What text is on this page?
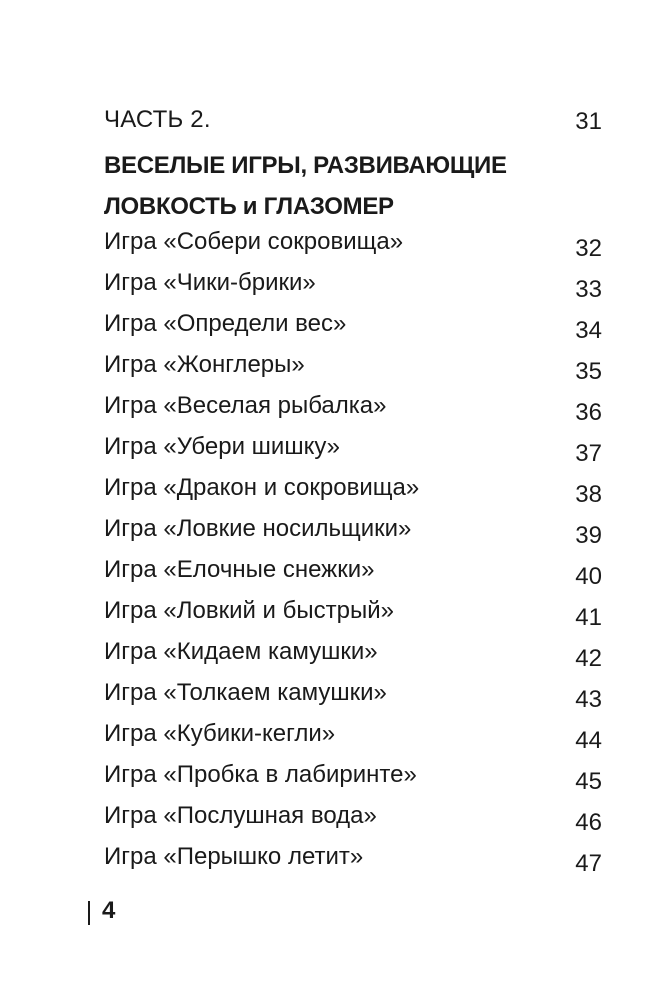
ЧАСТЬ 2.	31
ВЕСЕЛЫЕ ИГРЫ, РАЗВИВАЮЩИЕ ЛОВКОСТЬ и ГЛАЗОМЕР
Игра «Собери сокровища»	32
Игра «Чики-брики»	33
Игра «Определи вес»	34
Игра «Жонглеры»	35
Игра «Веселая рыбалка»	36
Игра «Убери шишку»	37
Игра «Дракон и сокровища»	38
Игра «Ловкие носильщики»	39
Игра «Елочные снежки»	40
Игра «Ловкий и быстрый»	41
Игра «Кидаем камушки»	42
Игра «Толкаем камушки»	43
Игра «Кубики-кегли»	44
Игра «Пробка в лабиринте»	45
Игра «Послушная вода»	46
Игра «Перышко летит»	47
4
